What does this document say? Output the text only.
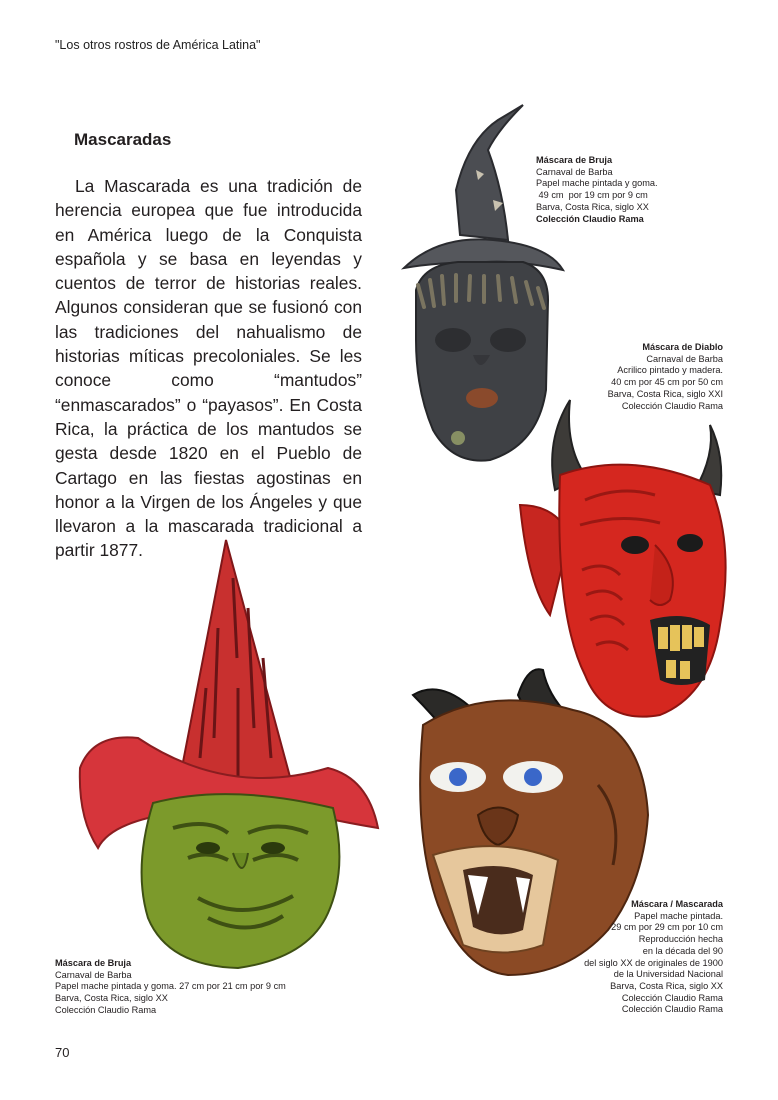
"Los otros rostros de América Latina"
Mascaradas
La Mascarada es una tradición de herencia europea que fue introducida en América luego de la Conquista española y se basa en leyendas y cuentos de terror de historias reales. Algunos consideran que se fusionó con las tradiciones del nahualismo de historias míticas precoloniales. Se les conoce como “mantudos” “enmascarados” o “payasos”. En Costa Rica, la práctica de los mantudos se gesta desde 1820 en el Pueblo de Cartago en las fiestas agostinas en honor a la Virgen de los Ángeles y que llevaron a la mascarada tradicional a partir 1877.
Máscara de Bruja
Carnaval de Barba
Papel mache pintada y goma.
49 cm  por 19 cm por 9 cm
Barva, Costa Rica, siglo XX
Colección Claudio Rama
Máscara de Diablo
Carnaval de Barba
Acrilico pintado y madera.
40 cm por 45 cm por 50 cm
Barva, Costa Rica, siglo XXI
Colección Claudio Rama
Máscara de Bruja
Carnaval de Barba
Papel mache pintada y goma. 27 cm por 21 cm por 9 cm
Barva, Costa Rica, siglo XX
Colección Claudio Rama
Máscara / Mascarada
Papel mache pintada.
29 cm por 29 cm por 10 cm
Reproducción hecha
en la década del 90
del siglo XX de originales de 1900
de la Universidad Nacional
Barva, Costa Rica, siglo XX
Colección Claudio Rama
Colección Claudio Rama
70
